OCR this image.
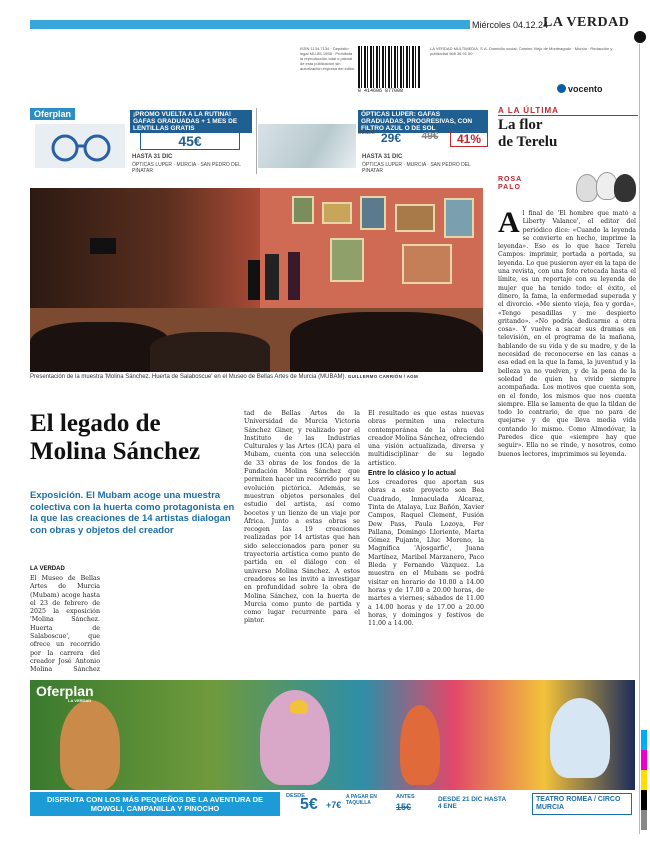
Miércoles 04.12.24
LA VERDAD
ISSN 1134-7134 · Depósito legal MU-85-1958 · Prohibida la reproducción total o parcial de esta publicación sin autorización expresa del editor
8 414606 877008
LA VERDAD MULTIMEDIA, S.A. Domicilio social: Camino Viejo de Monteagudo · Murcia · Redacción y publicidad 968 36 91 00
vocento
Oferplan	¡PROMO VUELTA A LA RUTINA! GAFAS GRADUADAS + 1 MES DE LENTILLAS GRATIS
45€
HASTA 31 DIC
ÓPTICAS LUPER · MURCIA · SAN PEDRO DEL PINATAR
ÓPTICAS LUPER: GAFAS GRADUADAS, PROGRESIVAS, CON FILTRO AZUL O DE SOL
DESDE 29€	49€	41%
HASTA 31 DIC
ÓPTICAS LUPER · MURCIA · SAN PEDRO DEL PINATAR
A LA ÚLTIMA
La flor
de Terelu
ROSA
PALO
Al final de 'El hombre que mató a Liberty Valance', el editor del periódico dice: «Cuando la leyenda se convierte en hecho, imprime la leyenda». Eso es lo que hace Terelu Campos: imprimir, portada a portada, su leyenda. Lo que pusieron ayer en la tapa de una revista, con una foto retocada hasta el límite, es un reportaje con su leyenda de mujer que ha tenido todo: el éxito, el dinero, la fama, la enfermedad superada y el divorcio. «Me siento vieja, fea y gorda», «Tengo pesadillas y me despierto gritando». «No podría dedicarme a otra cosa». Y vuelve a sacar sus dramas en televisión, en el programa de la mañana, hablando de su vida y de su madre, y de la necesidad de reconocerse en las canas a esa edad en la que la fama, la juventud y la belleza ya no vuelven, y de la pena de la soledad de quien ha vivido siempre acompañada. Los motivos que cuenta son, en el fondo, los mismos que nos cuenta siempre. Ella se lamenta de que la tildan de todo lo contrario, de que no para de quejarse y de que lleva media vida contando lo mismo. Como Almodóvar, la Paredes dice que «siempre hay que seguir». Ella no se rinde, y nosotros, como buenos lectores, imprimimos su leyenda.
Presentación de la muestra 'Molina Sánchez. Huerta de Salaboscue' en el Museo de Bellas Artes de Murcia (MUBAM). GUILLERMO CARRIÓN / AGM
El legado de
Molina Sánchez
Exposición. El Mubam acoge una muestra colectiva con la huerta como protagonista en la que las creaciones de 14 artistas dialogan con obras y objetos del creador
LA VERDAD
El Museo de Bellas Artes de Murcia (Mubam) acoge hasta el 23 de febrero de 2025 la exposición 'Molina Sánchez. Huerta de Salaboscue', que ofrece un recorrido por la carrera del creador José Antonio Molina Sánchez
tad de Bellas Artes de la Universidad de Murcia Victoria Sánchez Giner, y realizado por el Instituto de las Industrias Culturales y las Artes (ICA) para el Mubam, cuenta con una selección de 33 obras de los fondos de la Fundación Molina Sánchez que permiten hacer un recorrido por su evolución pictórica. Además, se muestran objetos personales del estudio del artista, así como bocetos y un lienzo de un viaje por África. Junto a estas obras se recogen las 19 creaciones realizadas por 14 artistas que han sido seleccionados para poner su trayectoria artística como punto de partida en el diálogo con el universo Molina Sánchez. A estos creadores se les invitó a investigar en profundidad sobre la obra de Molina Sánchez, con la huerta de Murcia como punto de partida y como lugar recurrente para el pintor.
El resultado es que estas nuevas obras permiten una relectura contemporánea de la obra del creador Molina Sánchez, ofreciendo una visión actualizada, diversa y multidisciplinar de su legado artístico.
Entre lo clásico y lo actual
Los creadores que aportan sus obras a este proyecto son Bea Cuadrado, Inmaculada Alcaraz, Tinta de Atalaya, Luz Bañón, Xavier Campos, Raquel Clement, Fusión Dew Pass, Paula Lozoya, Fer Pallana, Domingo Lloriente, Marta Gómez Pujante, Lluc Moreno, la Magnífica 'Ajosgarfic', Juana Martínez, Maribel Marzanero, Paco Bleda y Fernando Vázquez. La muestra en el Mubam se podrá visitar en horario de 10.00 a 14.00 horas y de 17.00 a 20.00 horas, de martes a viernes; sábados de 11.00 a 14.00 horas y de 17.00 a 20.00 horas, y domingos y festivos de 11.00 a 14.00.
Oferplan
LA VERDAD
DISFRUTA CON LOS MÁS PEQUEÑOS DE LA AVENTURA DE MOWGLI, CAMPANILLA Y PINOCHO
DESDE
5€ +7€
A PAGAR EN TAQUILLA
ANTES
15€
DESDE 21 DIC HASTA 4 ENE
TEATRO ROMEA / CIRCO MURCIA
